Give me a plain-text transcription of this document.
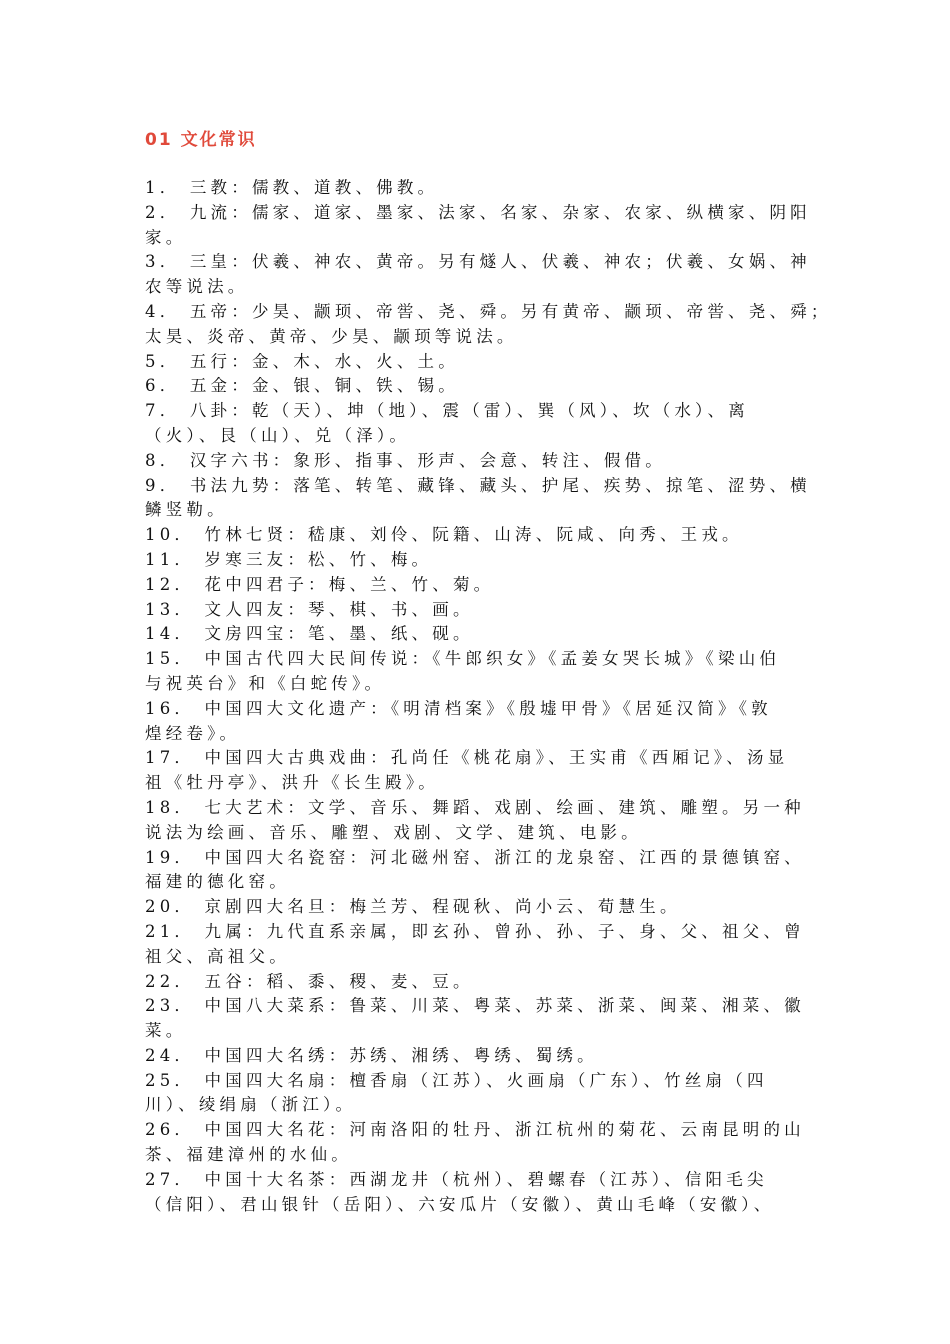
01 文化常识
1． 三教：儒教、道教、佛教。
2． 九流：儒家、道家、墨家、法家、名家、杂家、农家、纵横家、阴阳
家。
3． 三皇：伏羲、神农、黄帝。另有燧人、伏羲、神农；伏羲、女娲、神
农等说法。
4． 五帝：少昊、颛顼、帝喾、尧、舜。另有黄帝、颛顼、帝喾、尧、舜；
太昊、炎帝、黄帝、少昊、颛顼等说法。
5． 五行：金、木、水、火、土。
6． 五金：金、银、铜、铁、锡。
7． 八卦：乾（天）、坤（地）、震（雷）、巽（风）、坎（水）、离
（火）、艮（山）、兑（泽）。
8． 汉字六书：象形、指事、形声、会意、转注、假借。
9． 书法九势：落笔、转笔、藏锋、藏头、护尾、疾势、掠笔、涩势、横
鳞竖勒。
10． 竹林七贤：嵇康、刘伶、阮籍、山涛、阮咸、向秀、王戎。
11． 岁寒三友：松、竹、梅。
12． 花中四君子：梅、兰、竹、菊。
13． 文人四友：琴、棋、书、画。
14． 文房四宝：笔、墨、纸、砚。
15． 中国古代四大民间传说：《牛郎织女》《孟姜女哭长城》《梁山伯
与祝英台》和《白蛇传》。
16． 中国四大文化遗产：《明清档案》《殷墟甲骨》《居延汉简》《敦
煌经卷》。
17． 中国四大古典戏曲：孔尚任《桃花扇》、王实甫《西厢记》、汤显
祖《牡丹亭》、洪升《长生殿》。
18． 七大艺术：文学、音乐、舞蹈、戏剧、绘画、建筑、雕塑。另一种
说法为绘画、音乐、雕塑、戏剧、文学、建筑、电影。
19． 中国四大名瓷窑：河北磁州窑、浙江的龙泉窑、江西的景德镇窑、
福建的德化窑。
20． 京剧四大名旦：梅兰芳、程砚秋、尚小云、荀慧生。
21． 九属：九代直系亲属，即玄孙、曾孙、孙、子、身、父、祖父、曾
祖父、高祖父。
22． 五谷：稻、黍、稷、麦、豆。
23． 中国八大菜系：鲁菜、川菜、粤菜、苏菜、浙菜、闽菜、湘菜、徽
菜。
24． 中国四大名绣：苏绣、湘绣、粤绣、蜀绣。
25． 中国四大名扇：檀香扇（江苏）、火画扇（广东）、竹丝扇（四
川）、绫绢扇（浙江）。
26． 中国四大名花：河南洛阳的牡丹、浙江杭州的菊花、云南昆明的山
茶、福建漳州的水仙。
27． 中国十大名茶：西湖龙井（杭州）、碧螺春（江苏）、信阳毛尖
（信阳）、君山银针（岳阳）、六安瓜片（安徽）、黄山毛峰（安徽）、
